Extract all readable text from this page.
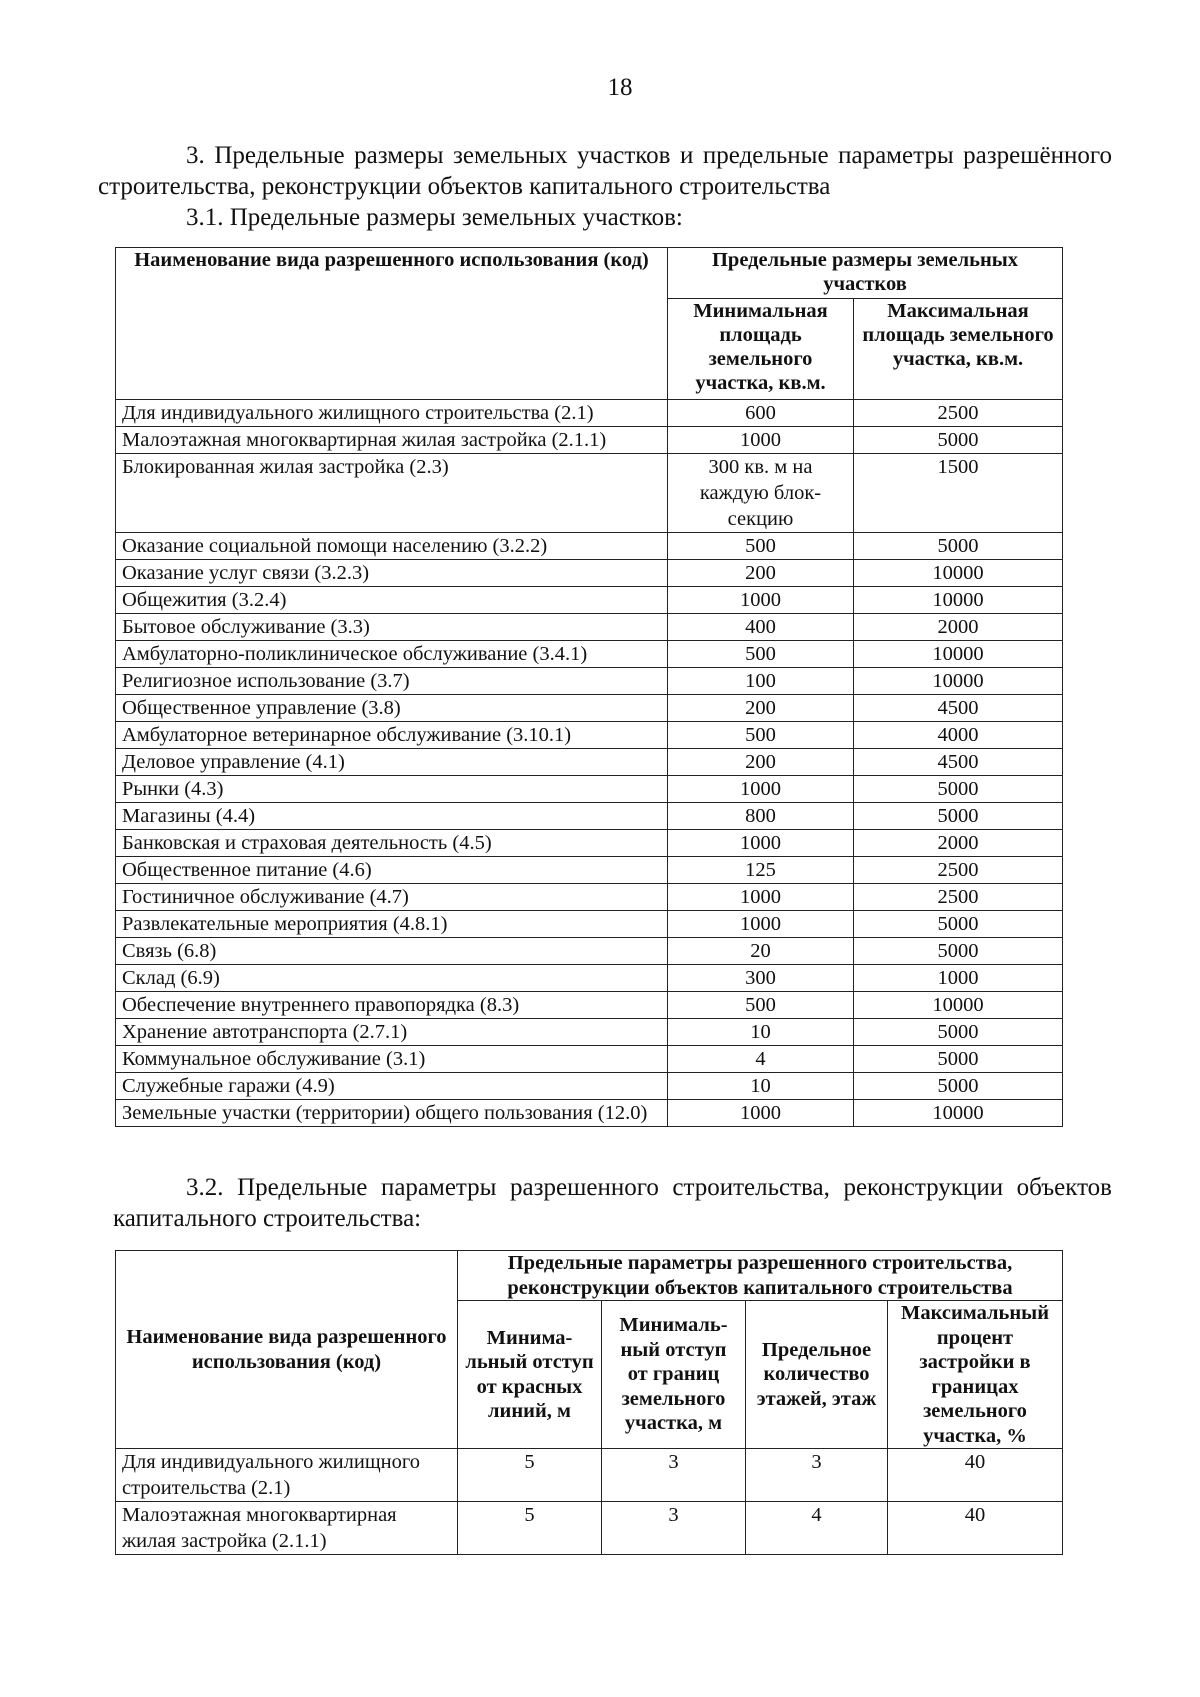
18
3. Предельные размеры земельных участков и предельные параметры разрешённого строительства, реконструкции объектов капитального строительства
3.1. Предельные размеры земельных участков:
Наименование вида разрешенного использования (код)	Предельные размеры земельных участков	
	Минимальная площадь земельного участка, кв.м.	Максимальная площадь земельного участка, кв.м.
Для индивидуального жилищного строительства (2.1)	600	2500
Малоэтажная многоквартирная жилая застройка (2.1.1)	1000	5000
Блокированная жилая застройка (2.3)	300 кв. м на каждую блок-секцию	1500
Оказание социальной помощи населению (3.2.2)	500	5000
Оказание услуг связи (3.2.3)	200	10000
Общежития (3.2.4)	1000	10000
Бытовое обслуживание (3.3)	400	2000
Амбулаторно-поликлиническое обслуживание (3.4.1)	500	10000
Религиозное использование (3.7)	100	10000
Общественное управление (3.8)	200	4500
Амбулаторное ветеринарное обслуживание (3.10.1)	500	4000
Деловое управление (4.1)	200	4500
Рынки (4.3)	1000	5000
Магазины (4.4)	800	5000
Банковская и страховая деятельность (4.5)	1000	2000
Общественное питание (4.6)	125	2500
Гостиничное обслуживание (4.7)	1000	2500
Развлекательные мероприятия (4.8.1)	1000	5000
Связь (6.8)	20	5000
Склад (6.9)	300	1000
Обеспечение внутреннего правопорядка (8.3)	500	10000
Хранение автотранспорта (2.7.1)	10	5000
Коммунальное обслуживание (3.1)	4	5000
Служебные гаражи (4.9)	10	5000
Земельные участки (территории) общего пользования (12.0)	1000	10000
3.2. Предельные параметры разрешенного строительства, реконструкции объектов капитального строительства:
Наименование вида разрешенного использования (код)	Предельные параметры разрешенного строительства, реконструкции объектов капитального строительства			
	Минима-льный отступ от красных линий, м	Минималь-ный отступ от границ земельного участка, м	Предельное количество этажей, этаж	Максимальный процент застройки в границах земельного участка, %
Для индивидуального жилищного строительства (2.1)	5	3	3	40
Малоэтажная многоквартирная жилая застройка (2.1.1)	5	3	4	40
